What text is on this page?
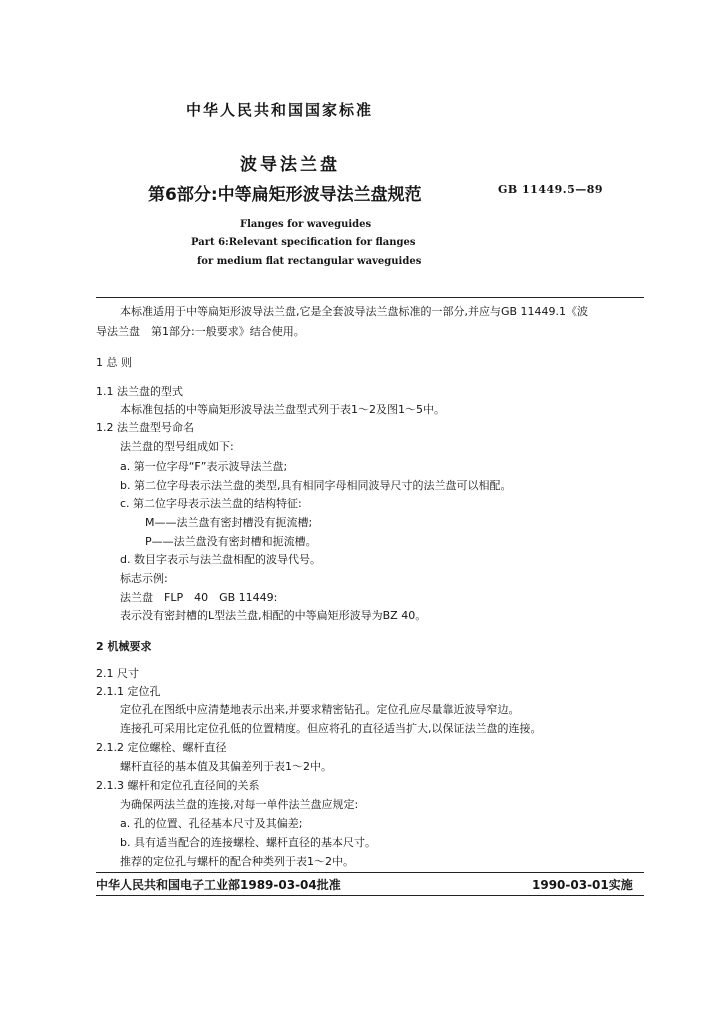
中华人民共和国国家标准
波导法兰盘
第6部分:中等扁矩形波导法兰盘规范	GB 11449.5—89
Flanges for waveguides
Part 6:Relevant specification for flanges
for medium flat rectangular waveguides
本标准适用于中等扁矩形波导法兰盘,它是全套波导法兰盘标准的一部分,并应与GB 11449.1《波
导法兰盘　第1部分:一般要求》结合使用。
1 总 则
1.1 法兰盘的型式
本标准包括的中等扁矩形波导法兰盘型式列于表1～2及图1～5中。
1.2 法兰盘型号命名
法兰盘的型号组成如下:
a. 第一位字母“F”表示波导法兰盘;
b. 第二位字母表示法兰盘的类型,具有相同字母相同波导尺寸的法兰盘可以相配。
c. 第二位字母表示法兰盘的结构特征:
M——法兰盘有密封槽没有扼流槽;
P——法兰盘没有密封槽和扼流槽。
d. 数目字表示与法兰盘相配的波导代号。
标志示例:
法兰盘　FLP　40　GB 11449:
表示没有密封槽的L型法兰盘,相配的中等扁矩形波导为BZ 40。
2 机械要求
2.1 尺寸
2.1.1 定位孔
定位孔在图纸中应清楚地表示出来,并要求精密钻孔。定位孔应尽量靠近波导窄边。
连接孔可采用比定位孔低的位置精度。但应将孔的直径适当扩大,以保证法兰盘的连接。
2.1.2 定位螺栓、螺杆直径
螺杆直径的基本值及其偏差列于表1～2中。
2.1.3 螺杆和定位孔直径间的关系
为确保两法兰盘的连接,对每一单件法兰盘应规定:
a. 孔的位置、孔径基本尺寸及其偏差;
b. 具有适当配合的连接螺栓、螺杆直径的基本尺寸。
推荐的定位孔与螺杆的配合种类列于表1～2中。
中华人民共和国电子工业部1989-03-04批准	1990-03-01实施
